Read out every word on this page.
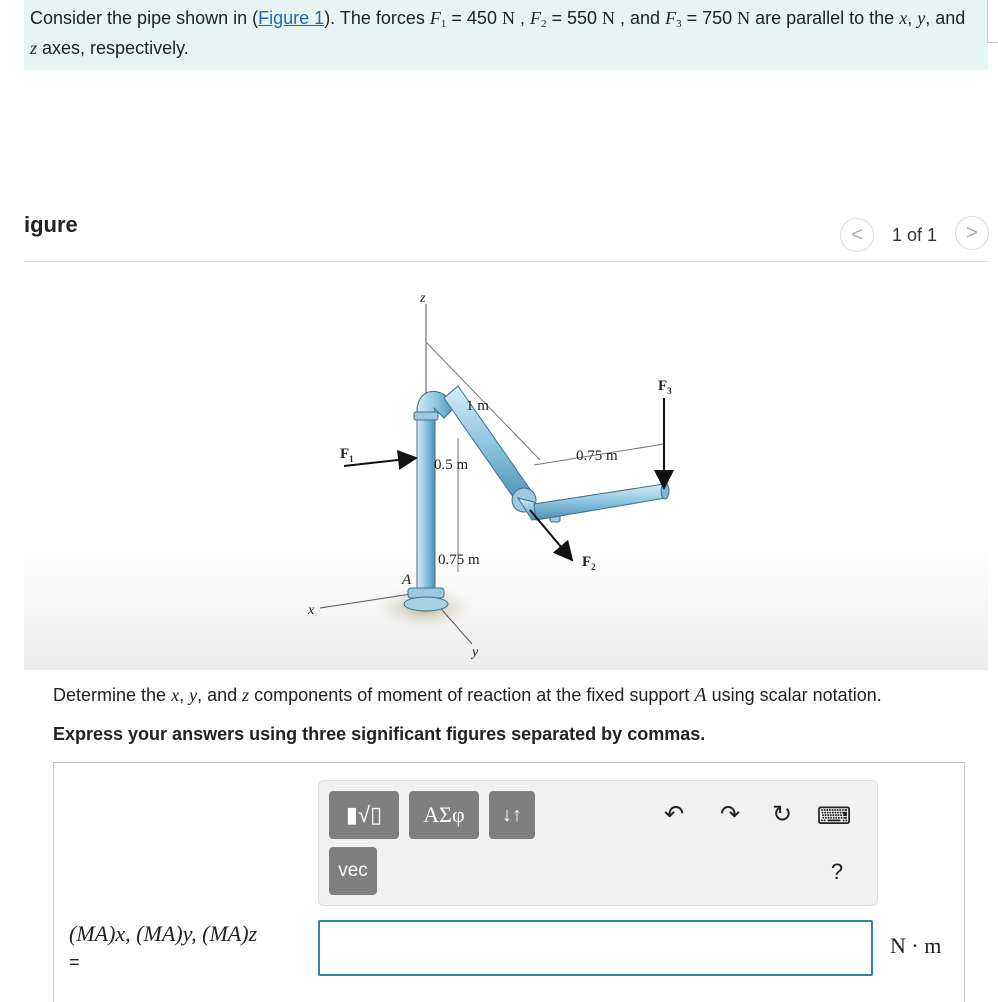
Consider the pipe shown in (Figure 1). The forces $F_1 = 450$ N , $F_2 = 550$ N , and $F_3 = 750$ N are parallel to the x, y, and z axes, respectively.
igure	< 1 of 1 >
z
x
y
A
$F_1$
$F_2$
$F_3$
1 m
0.5 m
0.75 m
0.75 m
Determine the x, y, and z components of moment of reaction at the fixed support A using scalar notation.
Express your answers using three significant figures separated by commas.
▮√▯	ΑΣφ	↓↑
vec
↶ ↷ ↻ ⌨
?
(MA)x, (MA)y, (MA)z
=
N · m
